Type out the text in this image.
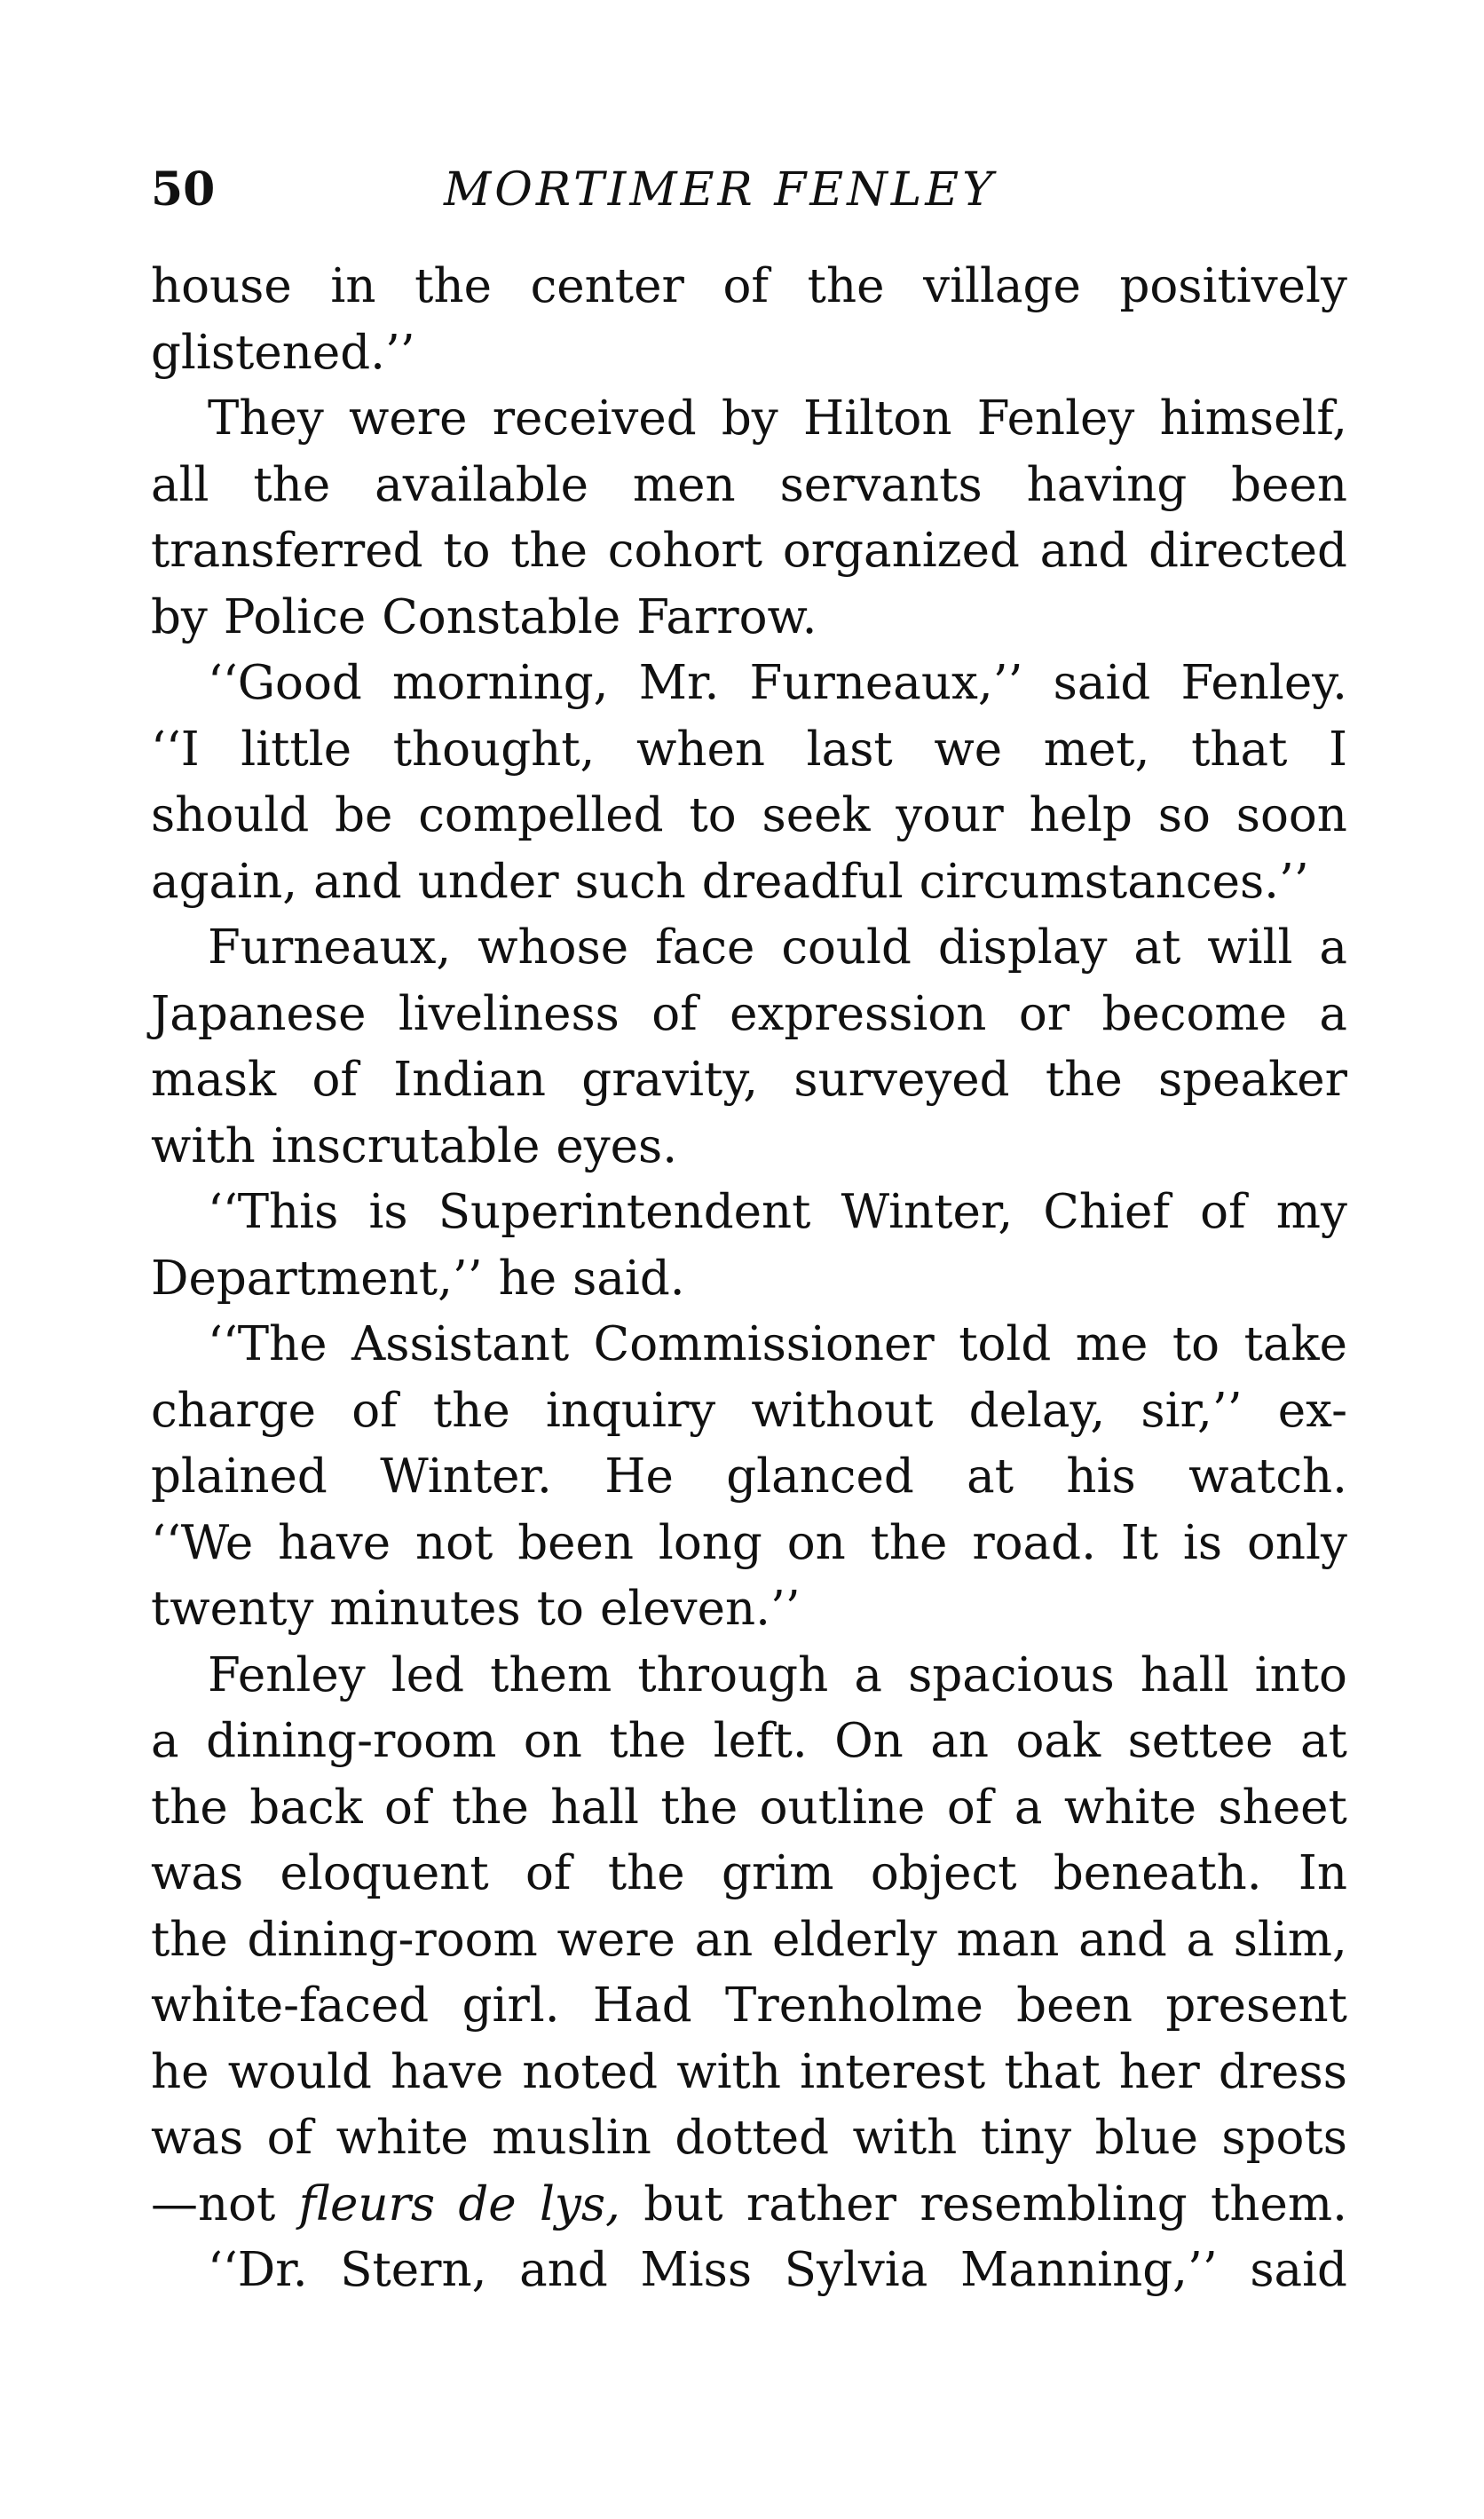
50	MORTIMER FENLEY
house in the center of the village positively
glistened.’’
They were received by Hilton Fenley himself,
all the available men servants having been
transferred to the cohort organized and directed
by Police Constable Farrow.
‘‘Good morning, Mr. Furneaux,’’ said Fenley.
‘‘I little thought, when last we met, that I
should be compelled to seek your help so soon
again, and under such dreadful circumstances.’’
Furneaux, whose face could display at will a
Japanese liveliness of expression or become a
mask of Indian gravity, surveyed the speaker
with inscrutable eyes.
‘‘This is Superintendent Winter, Chief of my
Department,’’ he said.
‘‘The Assistant Commissioner told me to take
charge of the inquiry without delay, sir,’’ ex-
plained Winter. He glanced at his watch.
‘‘We have not been long on the road. It is only
twenty minutes to eleven.’’
Fenley led them through a spacious hall into
a dining-room on the left. On an oak settee at
the back of the hall the outline of a white sheet
was eloquent of the grim object beneath. In
the dining-room were an elderly man and a slim,
white-faced girl. Had Trenholme been present
he would have noted with interest that her dress
was of white muslin dotted with tiny blue spots
—not fleurs de lys, but rather resembling them.
‘‘Dr. Stern, and Miss Sylvia Manning,’’ said
